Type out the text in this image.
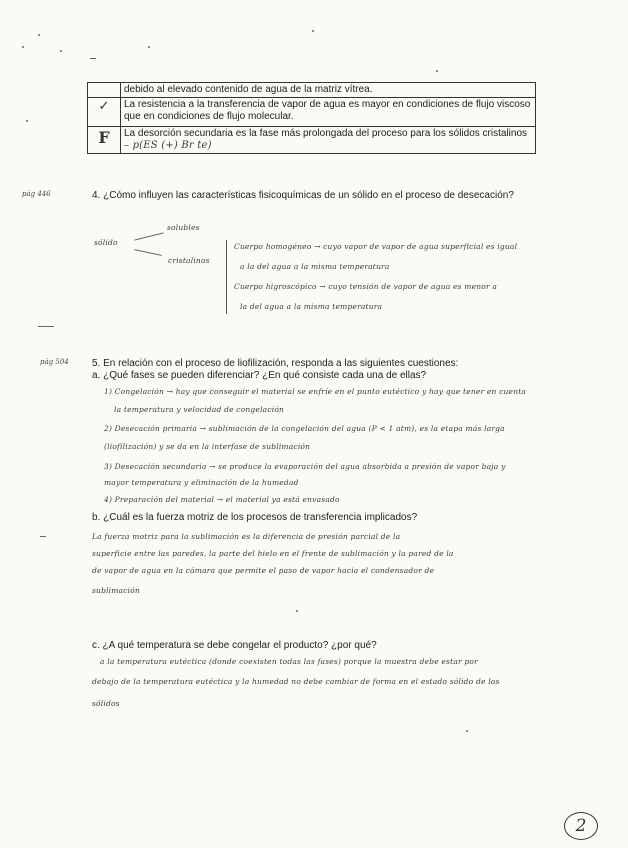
	debido al elevado contenido de agua de la matriz vítrea.
✓	La resistencia a la transferencia de vapor de agua es mayor en condiciones de flujo viscoso que en condiciones de flujo molecular.
F	La desorción secundaria es la fase más prolongada del proceso para los sólidos cristalinos – p(ES (+) Br te)
pág 446	4. ¿Cómo influyen las características fisicoquímicas de un sólido en el proceso de desecación?
solubles
sólido
cristalinos
Cuerpo homogéneo → cuyo vapor de vapor de agua superficial es igual
a la del agua a la misma temperatura
Cuerpo higroscópico → cuyo tensión de vapor de agua es menor a
la del agua a la misma temperatura
pág 504 5. En relación con el proceso de liofilización, responda a las siguientes cuestiones:
a. ¿Qué fases se pueden diferenciar? ¿En qué consiste cada una de ellas?
1) Congelación → hay que conseguir el material se enfríe en el punto eutéctico y hay que tener en cuenta
la temperatura y velocidad de congelación
2) Desecación primaria → sublimación de la congelación del agua (P < 1 atm), es la etapa más larga
(liofilización) y se da en la interfase de sublimación
3) Desecación secundaria → se produce la evaporación del agua absorbida a presión de vapor baja y
mayor temperatura y eliminación de la humedad
4) Preparación del material → el material ya está envasado
b. ¿Cuál es la fuerza motriz de los procesos de transferencia implicados?
La fuerza motriz para la sublimación es la diferencia de presión parcial de la
superficie entre las paredes, la parte del hielo en el frente de sublimación y la pared de la
de vapor de agua en la cámara que permite el paso de vapor hacia el condensador de
sublimación
c. ¿A qué temperatura se debe congelar el producto? ¿por qué?
a la temperatura eutéctica (donde coexisten todas las fases) porque la muestra debe estar por
debajo de la temperatura eutéctica y la humedad no debe cambiar de forma en el estado sólido de los
sólidos
2
